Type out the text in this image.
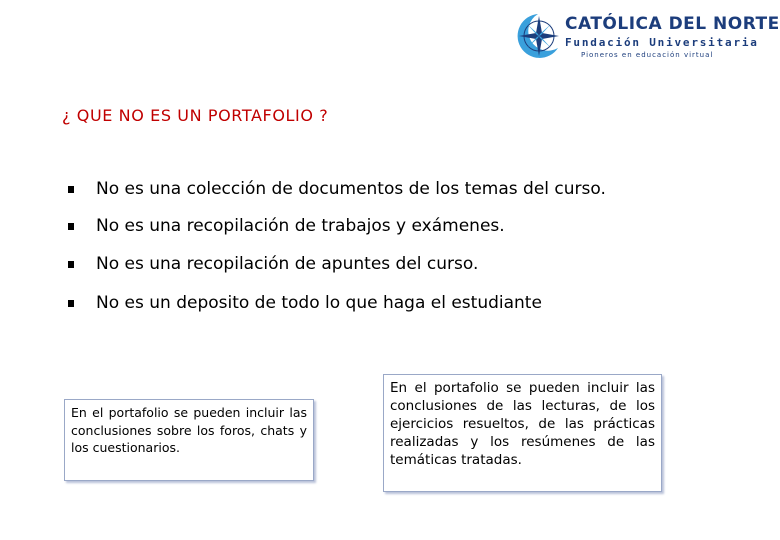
CATÓLICA DEL NORTE
Fundación Universitaria
Pioneros en educación virtual
¿ QUE NO ES UN PORTAFOLIO ?
No es una colección de documentos de los temas del curso.
No es una recopilación de trabajos y exámenes.
No es una recopilación de apuntes del curso.
No es un deposito de todo lo que haga el estudiante
En el portafolio se pueden incluir las conclusiones sobre los foros, chats y los cuestionarios.
En el portafolio se pueden incluir las conclusiones de las lecturas, de los ejercicios resueltos, de las prácticas realizadas y los resúmenes de las temáticas tratadas.
